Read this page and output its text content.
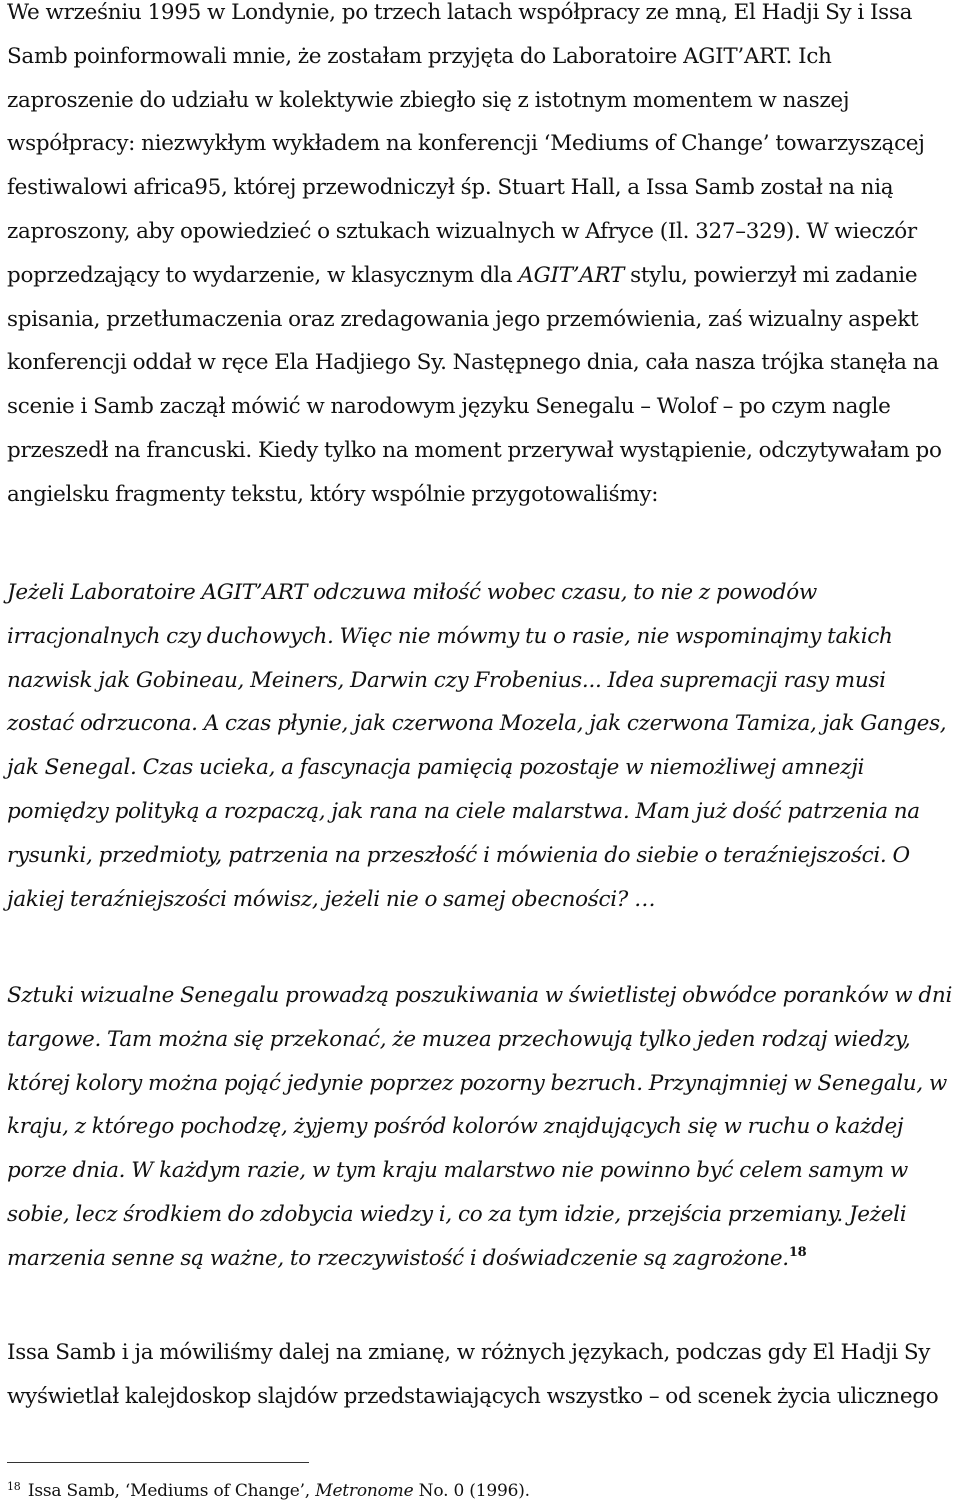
We wrześniu 1995 w Londynie, po trzech latach współpracy ze mną, El Hadji Sy i Issa Samb poinformowali mnie, że zostałam przyjęta do Laboratoire AGIT’ART. Ich zaproszenie do udziału w kolektywie zbiegło się z istotnym momentem w naszej współpracy: niezwykłym wykładem na konferencji ‘Mediums of Change’ towarzyszącej festiwalowi africa95, której przewodniczył śp. Stuart Hall, a Issa Samb został na nią zaproszony, aby opowiedzieć o sztukach wizualnych w Afryce (Il. 327–329). W wieczór poprzedzający to wydarzenie, w klasycznym dla AGIT’ART stylu, powierzył mi zadanie spisania, przetłumaczenia oraz zredagowania jego przemówienia, zaś wizualny aspekt konferencji oddał w ręce Ela Hadjiego Sy. Następnego dnia, cała nasza trójka stanęła na scenie i Samb zaczął mówić w narodowym języku Senegalu – Wolof – po czym nagle przeszedł na francuski. Kiedy tylko na moment przerywał wystąpienie, odczytywałam po angielsku fragmenty tekstu, który wspólnie przygotowaliśmy:

Jeżeli Laboratoire AGIT’ART odczuwa miłość wobec czasu, to nie z powodów irracjonalnych czy duchowych. Więc nie mówmy tu o rasie, nie wspominajmy takich nazwisk jak Gobineau, Meiners, Darwin czy Frobenius... Idea supremacji rasy musi zostać odrzucona. A czas płynie, jak czerwona Mozela, jak czerwona Tamiza, jak Ganges, jak Senegal. Czas ucieka, a fascynacja pamięcią pozostaje w niemożliwej amnezji pomiędzy polityką a rozpaczą, jak rana na ciele malarstwa. Mam już dość patrzenia na rysunki, przedmioty, patrzenia na przeszłość i mówienia do siebie o teraźniejszości. O jakiej teraźniejszości mówisz, jeżeli nie o samej obecności? …

Sztuki wizualne Senegalu prowadzą poszukiwania w świetlistej obwódce poranków w dni targowe. Tam można się przekonać, że muzea przechowują tylko jeden rodzaj wiedzy, której kolory można pojąć jedynie poprzez pozorny bezruch. Przynajmniej w Senegalu, w kraju, z którego pochodzę, żyjemy pośród kolorów znajdujących się w ruchu o każdej porze dnia. W każdym razie, w tym kraju malarstwo nie powinno być celem samym w sobie, lecz środkiem do zdobycia wiedzy i, co za tym idzie, przejścia przemiany. Jeżeli marzenia senne są ważne, to rzeczywistość i doświadczenie są zagrożone.$^{18}$

Issa Samb i ja mówiliśmy dalej na zmianę, w różnych językach, podczas gdy El Hadji Sy wyświetlał kalejdoskop slajdów przedstawiających wszystko – od scenek życia ulicznego

$^{18}$ Issa Samb, ‘Mediums of Change’, Metronome No. 0 (1996).
